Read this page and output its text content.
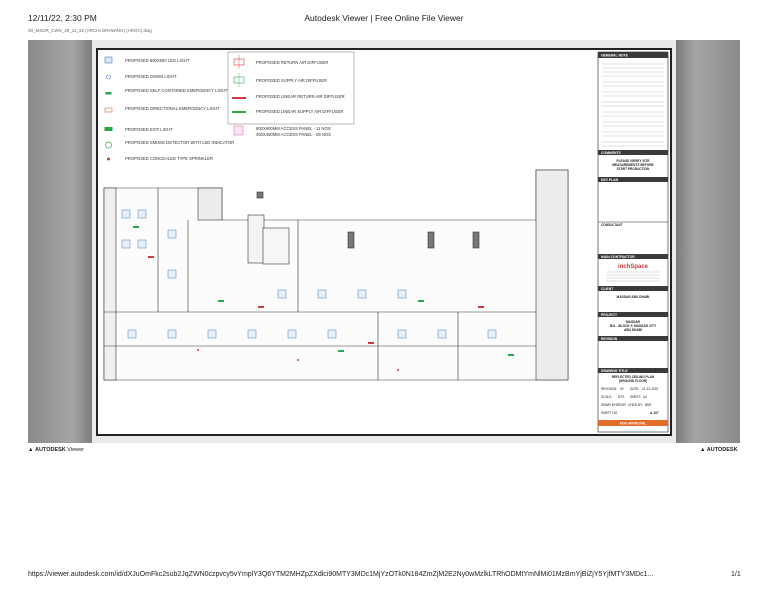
12/11/22, 2:30 PM	Autodesk Viewer | Free Online File Viewer
00_MSDR_CWS_29_11_22 (ARCHI DRAWING) (AROC).dwg
PROPOSED 600X600 LED LIGHT
PROPOSED DOWN LIGHT
PROPOSED SELF CONTAINED EMERGENCY LIGHT
PROPOSED DIRECTIONAL EMERGENCY LIGHT
PROPOSED EXIT LIGHT
PROPOSED SMOKE DETECTOR WITH LED INDICATOR
PROPOSED CONCEALED TYPE SPRINKLER
PROPOSED RETURN AIR DIFFUSER
PROPOSED SUPPLY AIR DIFFUSER
PROPOSED LINEAR RETURN AIR DIFFUSER
PROPOSED LINEAR SUPPLY AIR DIFFUSER
600X600MM ACCESS PANEL - 11 NOS
450X450MM ACCESS PANEL - 08 NOS
GENERAL NOTE
COMMENTS
PLEASE VERIFY SITE
MEASUREMENTS BEFORE
START PRODUCTION
KEY PLAN
CONSULTANT
MAIN CONTRACTOR
inchSpace
CLIENT
MASDAR ABU DHABI
PROJECT
MASDAR
B11 - BLOCK F, MASDAR CITY
ABU DHABI
REVISION
DRAWING TITLE
REFLECTED CEILING PLAN
(GROUND FLOOR)
REVISION: 00 DATE: 01-12-2022
SCALE: NTS SHEET: A3
DRWN BY: SR/SR CHKD BY: BDE
SHEET NO.	A-107
FOR APPROVAL
▲ AUTODESK Viewer	▲ AUTODESK
https://viewer.autodesk.com/id/dXJuOmFkc2sub2JqZWN0czpvcy5vYmplY3Q6YTM2MHZpZXdlci90MTY3MDc1MjYzOTk0N184ZmZjM2E2Ny0wMzlkLTRhODMtYmNlMi01MzBmYjBiZjY5YjfMTY3MDc1...	1/1
